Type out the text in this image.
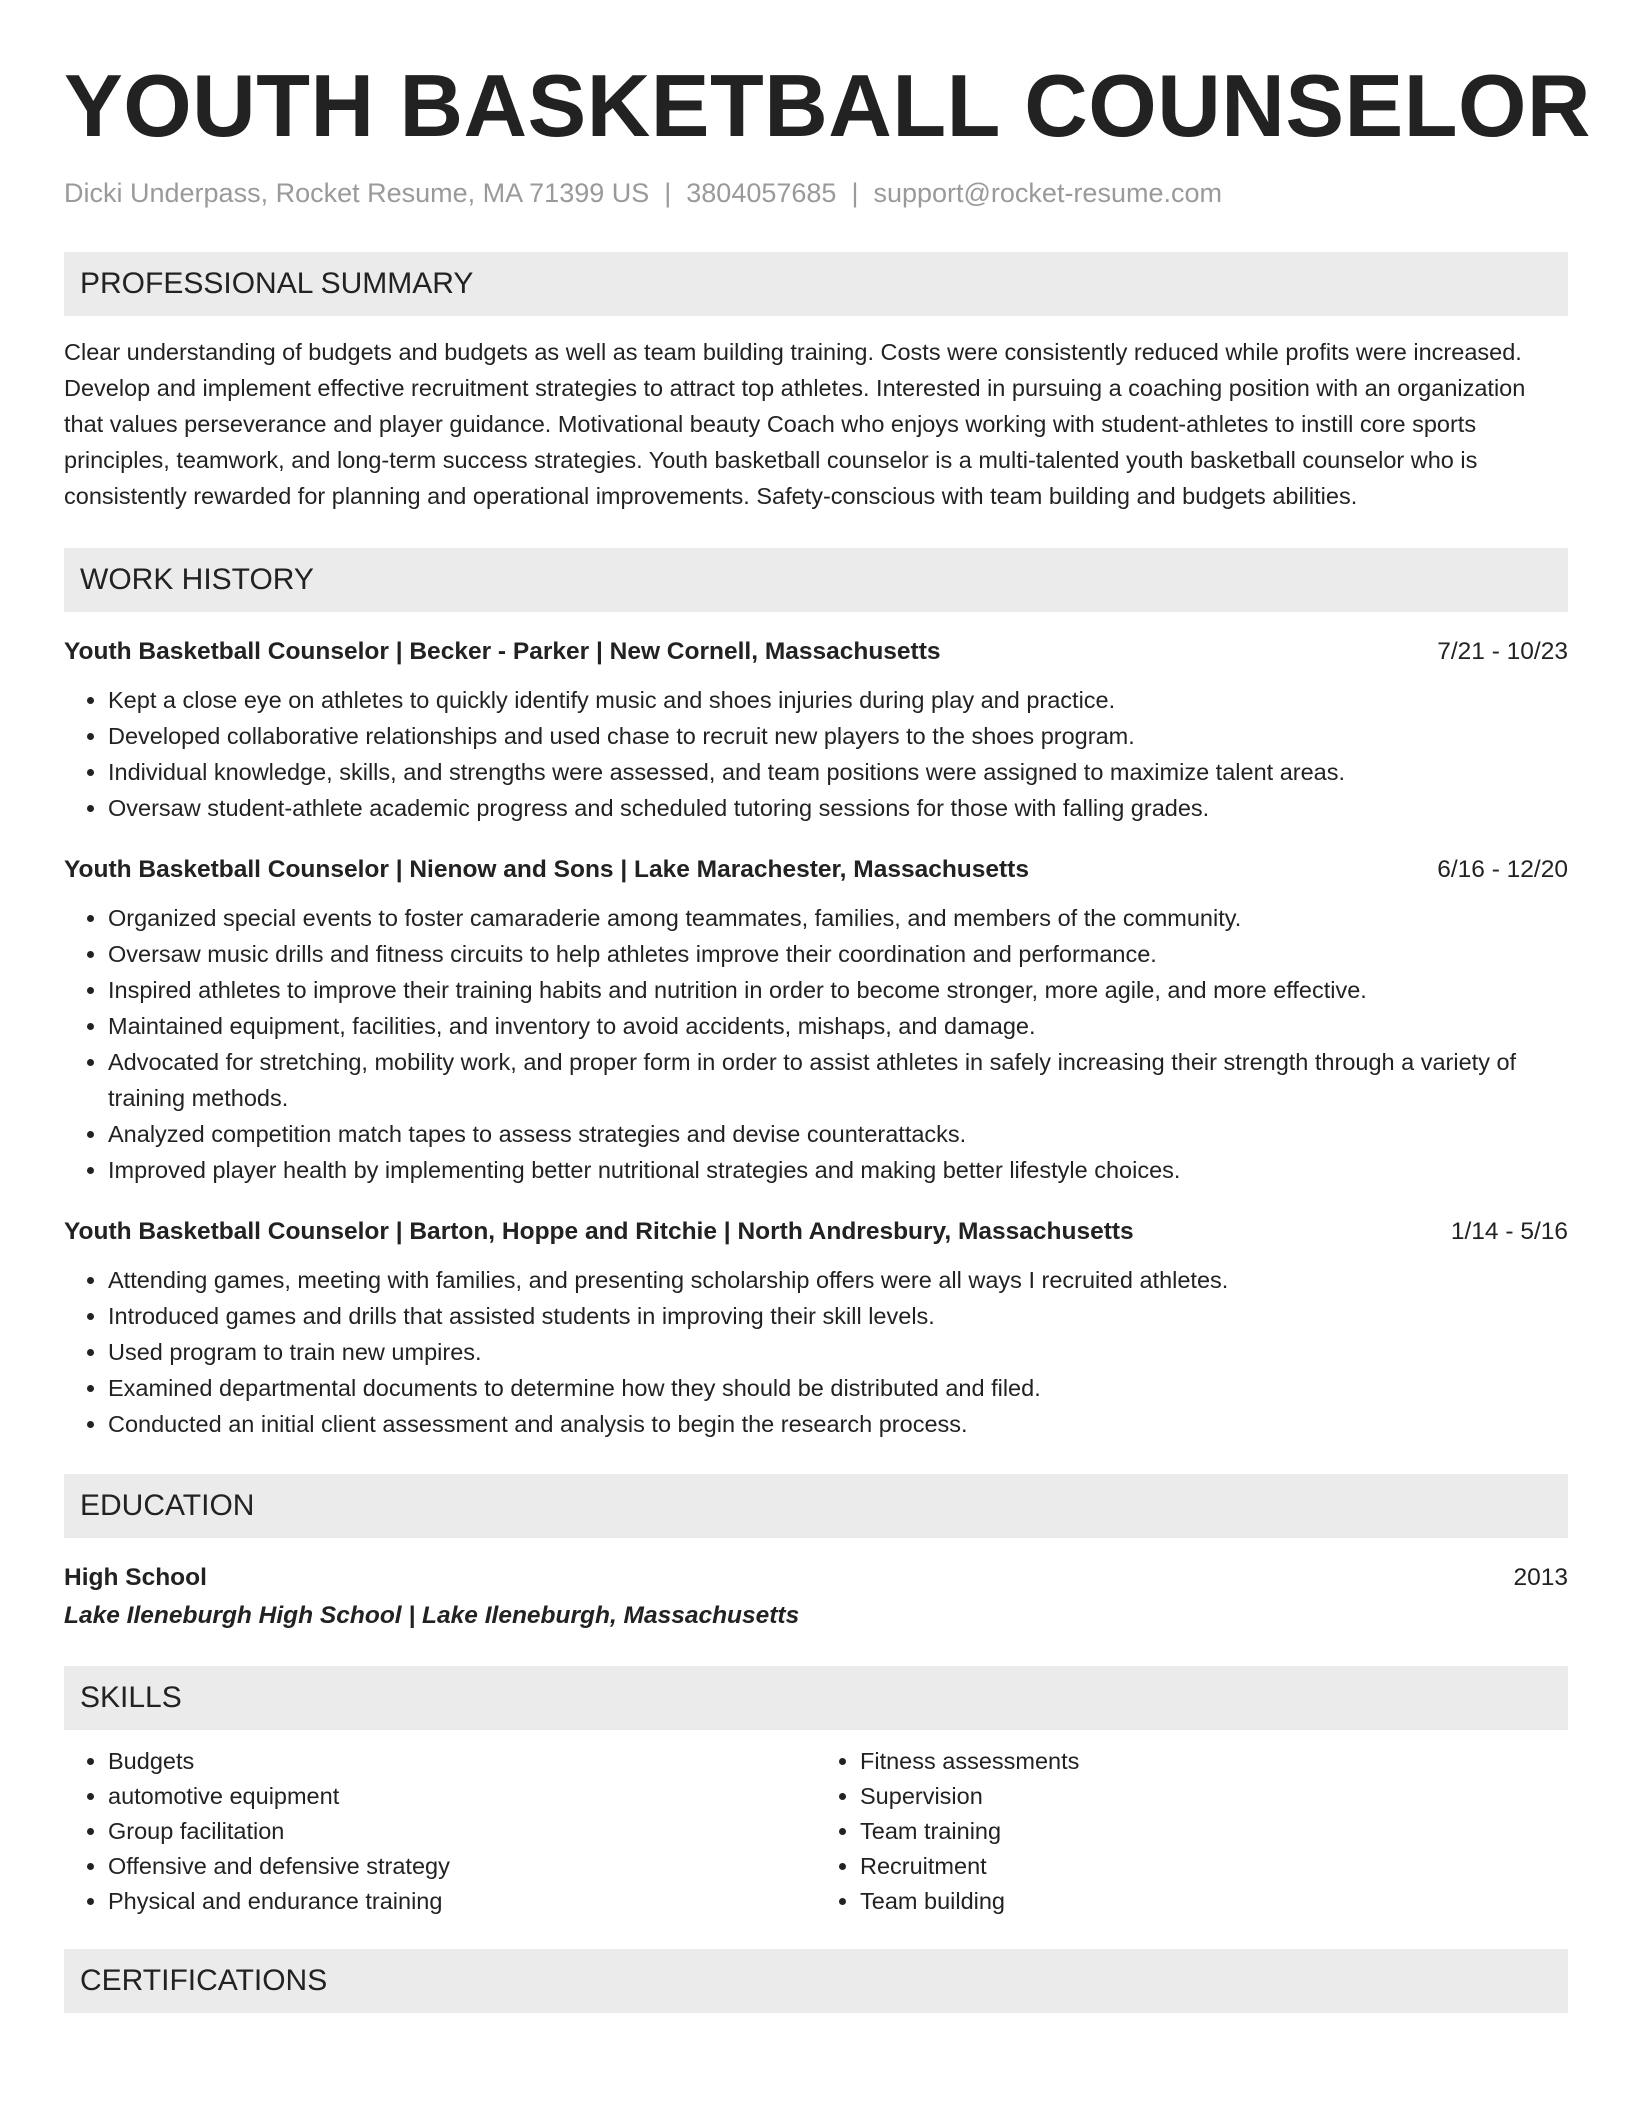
YOUTH BASKETBALL COUNSELOR
Dicki Underpass, Rocket Resume, MA 71399 US | 3804057685 | support@rocket-resume.com
PROFESSIONAL SUMMARY
Clear understanding of budgets and budgets as well as team building training. Costs were consistently reduced while profits were increased. Develop and implement effective recruitment strategies to attract top athletes. Interested in pursuing a coaching position with an organization that values perseverance and player guidance. Motivational beauty Coach who enjoys working with student-athletes to instill core sports principles, teamwork, and long-term success strategies. Youth basketball counselor is a multi-talented youth basketball counselor who is consistently rewarded for planning and operational improvements. Safety-conscious with team building and budgets abilities.
WORK HISTORY
Youth Basketball Counselor | Becker - Parker | New Cornell, Massachusetts	7/21 - 10/23
• Kept a close eye on athletes to quickly identify music and shoes injuries during play and practice.
• Developed collaborative relationships and used chase to recruit new players to the shoes program.
• Individual knowledge, skills, and strengths were assessed, and team positions were assigned to maximize talent areas.
• Oversaw student-athlete academic progress and scheduled tutoring sessions for those with falling grades.
Youth Basketball Counselor | Nienow and Sons | Lake Marachester, Massachusetts	6/16 - 12/20
• Organized special events to foster camaraderie among teammates, families, and members of the community.
• Oversaw music drills and fitness circuits to help athletes improve their coordination and performance.
• Inspired athletes to improve their training habits and nutrition in order to become stronger, more agile, and more effective.
• Maintained equipment, facilities, and inventory to avoid accidents, mishaps, and damage.
• Advocated for stretching, mobility work, and proper form in order to assist athletes in safely increasing their strength through a variety of training methods.
• Analyzed competition match tapes to assess strategies and devise counterattacks.
• Improved player health by implementing better nutritional strategies and making better lifestyle choices.
Youth Basketball Counselor | Barton, Hoppe and Ritchie | North Andresbury, Massachusetts	1/14 - 5/16
• Attending games, meeting with families, and presenting scholarship offers were all ways I recruited athletes.
• Introduced games and drills that assisted students in improving their skill levels.
• Used program to train new umpires.
• Examined departmental documents to determine how they should be distributed and filed.
• Conducted an initial client assessment and analysis to begin the research process.
EDUCATION
High School	2013
Lake Ileneburgh High School | Lake Ileneburgh, Massachusetts
SKILLS
• Budgets
• automotive equipment
• Group facilitation
• Offensive and defensive strategy
• Physical and endurance training
• Fitness assessments
• Supervision
• Team training
• Recruitment
• Team building
CERTIFICATIONS
